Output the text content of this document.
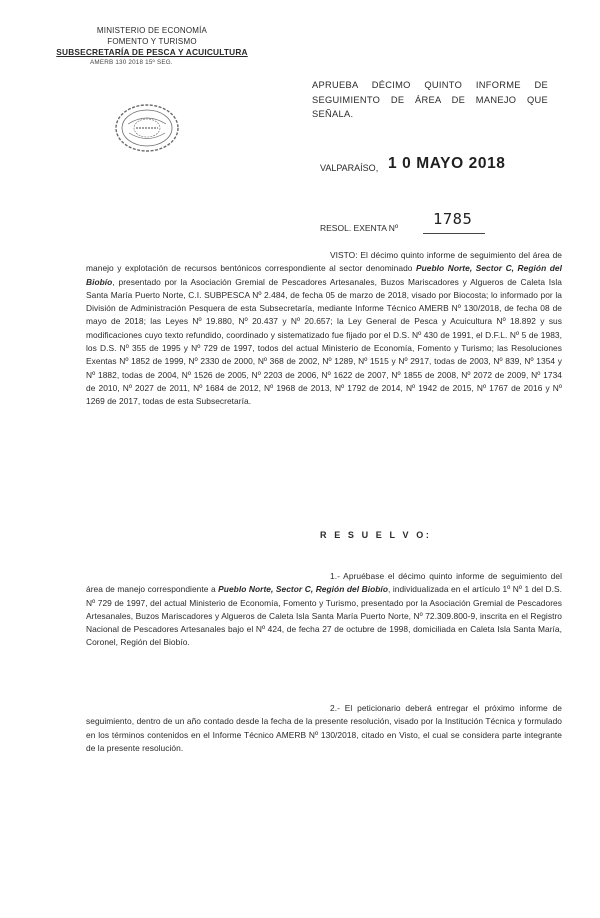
MINISTERIO DE ECONOMÍA
FOMENTO Y TURISMO
SUBSECRETARÍA DE PESCA Y ACUICULTURA
AMERB 130 2018 15º SEG.
APRUEBA DÉCIMO QUINTO INFORME DE SEGUIMIENTO DE ÁREA DE MANEJO QUE SEÑALA.
VALPARAÍSO, 1 0 MAYO 2018
RESOL. EXENTA Nº 1785
VISTO: El décimo quinto informe de seguimiento del área de manejo y explotación de recursos bentónicos correspondiente al sector denominado Pueblo Norte, Sector C, Región del Biobío, presentado por la Asociación Gremial de Pescadores Artesanales, Buzos Mariscadores y Algueros de Caleta Isla Santa María Puerto Norte, C.I. SUBPESCA Nº 2.484, de fecha 05 de marzo de 2018, visado por Biocosta; lo informado por la División de Administración Pesquera de esta Subsecretaría, mediante Informe Técnico AMERB Nº 130/2018, de fecha 08 de mayo de 2018; las Leyes Nº 19.880, Nº 20.437 y Nº 20.657; la Ley General de Pesca y Acuicultura Nº 18.892 y sus modificaciones cuyo texto refundido, coordinado y sistematizado fue fijado por el D.S. Nº 430 de 1991, el D.F.L. Nº 5 de 1983, los D.S. Nº 355 de 1995 y Nº 729 de 1997, todos del actual Ministerio de Economía, Fomento y Turismo; las Resoluciones Exentas Nº 1852 de 1999, Nº 2330 de 2000, Nº 368 de 2002, Nº 1289, Nº 1515 y Nº 2917, todas de 2003, Nº 839, Nº 1354 y Nº 1882, todas de 2004, Nº 1526 de 2005, Nº 2203 de 2006, Nº 1622 de 2007, Nº 1855 de 2008, Nº 2072 de 2009, Nº 1734 de 2010, Nº 2027 de 2011, Nº 1684 de 2012, Nº 1968 de 2013, Nº 1792 de 2014, Nº 1942 de 2015, Nº 1767 de 2016 y Nº 1269 de 2017, todas de esta Subsecretaría.
R E S U E L V O:
1.- Apruébase el décimo quinto informe de seguimiento del área de manejo correspondiente a Pueblo Norte, Sector C, Región del Biobío, individualizada en el artículo 1º Nº 1 del D.S. Nº 729 de 1997, del actual Ministerio de Economía, Fomento y Turismo, presentado por la Asociación Gremial de Pescadores Artesanales, Buzos Mariscadores y Algueros de Caleta Isla Santa María Puerto Norte, Nº 72.309.800-9, inscrita en el Registro Nacional de Pescadores Artesanales bajo el Nº 424, de fecha 27 de octubre de 1998, domiciliada en Caleta Isla Santa María, Coronel, Región del Biobío.
2.- El peticionario deberá entregar el próximo informe de seguimiento, dentro de un año contado desde la fecha de la presente resolución, visado por la Institución Técnica y formulado en los términos contenidos en el Informe Técnico AMERB Nº 130/2018, citado en Visto, el cual se considera parte integrante de la presente resolución.
